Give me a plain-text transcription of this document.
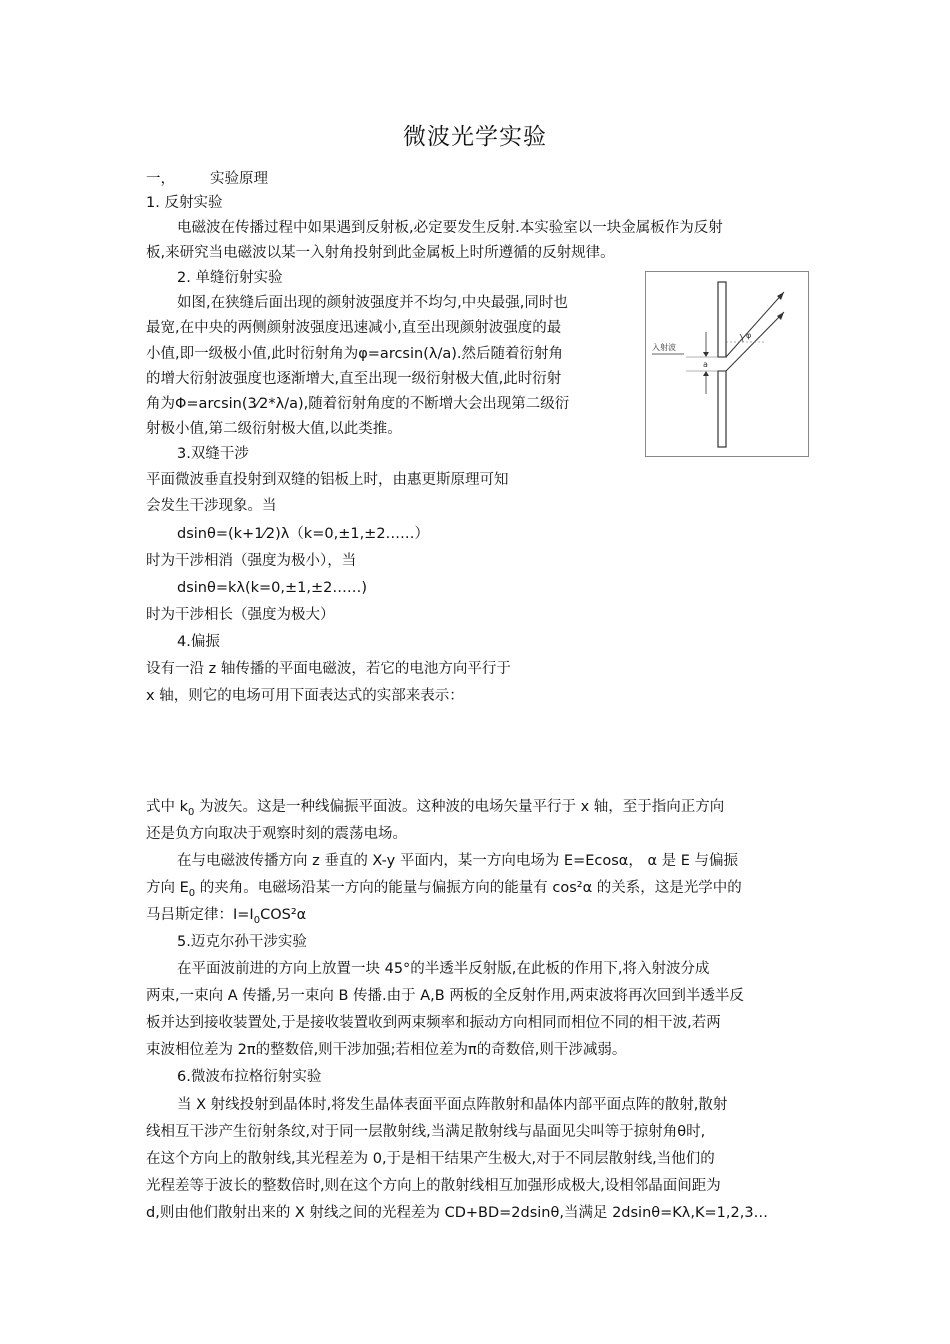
微波光学实验
一， 实验原理
1. 反射实验
电磁波在传播过程中如果遇到反射板,必定要发生反射.本实验室以一块金属板作为反射
板,来研究当电磁波以某一入射角投射到此金属板上时所遵循的反射规律。
2. 单缝衍射实验
如图,在狭缝后面出现的颜射波强度并不均匀,中央最强,同时也
最宽,在中央的两侧颜射波强度迅速减小,直至出现颜射波强度的最
小值,即一级极小值,此时衍射角为φ=arcsin(λ/a).然后随着衍射角
的增大衍射波强度也逐渐增大,直至出现一级衍射极大值,此时衍射
角为Φ=arcsin(3⁄2*λ/a),随着衍射角度的不断增大会出现第二级衍
射极小值,第二级衍射极大值,以此类推。
a
入射波
φ
3.双缝干涉
平面微波垂直投射到双缝的铝板上时，由惠更斯原理可知
会发生干涉现象。当
dsinθ=(k+1⁄2)λ（k=0,±1,±2……）
时为干涉相消（强度为极小），当
dsinθ=kλ(k=0,±1,±2……)
时为干涉相长（强度为极大）
4.偏振
设有一沿 z 轴传播的平面电磁波，若它的电池方向平行于
x 轴，则它的电场可用下面表达式的实部来表示：
式中 $k_0$ 为波矢。这是一种线偏振平面波。这种波的电场矢量平行于 x 轴，至于指向正方向
还是负方向取决于观察时刻的震荡电场。
在与电磁波传播方向 z 垂直的 X-y 平面内，某一方向电场为 E=Ecosα， α 是 E 与偏振
方向 $E_0$ 的夹角。电磁场沿某一方向的能量与偏振方向的能量有 cos²α 的关系，这是光学中的
马吕斯定律：$I=I_0COS^2\alpha$
5.迈克尔孙干涉实验
在平面波前进的方向上放置一块 45°的半透半反射版,在此板的作用下,将入射波分成
两束,一束向 A 传播,另一束向 B 传播.由于 A,B 两板的全反射作用,两束波将再次回到半透半反
板并达到接收装置处,于是接收装置收到两束频率和振动方向相同而相位不同的相干波,若两
束波相位差为 2π的整数倍,则干涉加强;若相位差为π的奇数倍,则干涉减弱。
6.微波布拉格衍射实验
当 X 射线投射到晶体时,将发生晶体表面平面点阵散射和晶体内部平面点阵的散射,散射
线相互干涉产生衍射条纹,对于同一层散射线,当满足散射线与晶面见尖叫等于掠射角θ时,
在这个方向上的散射线,其光程差为 0,于是相干结果产生极大,对于不同层散射线,当他们的
光程差等于波长的整数倍时,则在这个方向上的散射线相互加强形成极大,设相邻晶面间距为
d,则由他们散射出来的 X 射线之间的光程差为 CD+BD=2dsinθ,当满足 2dsinθ=Kλ,K=1,2,3…
